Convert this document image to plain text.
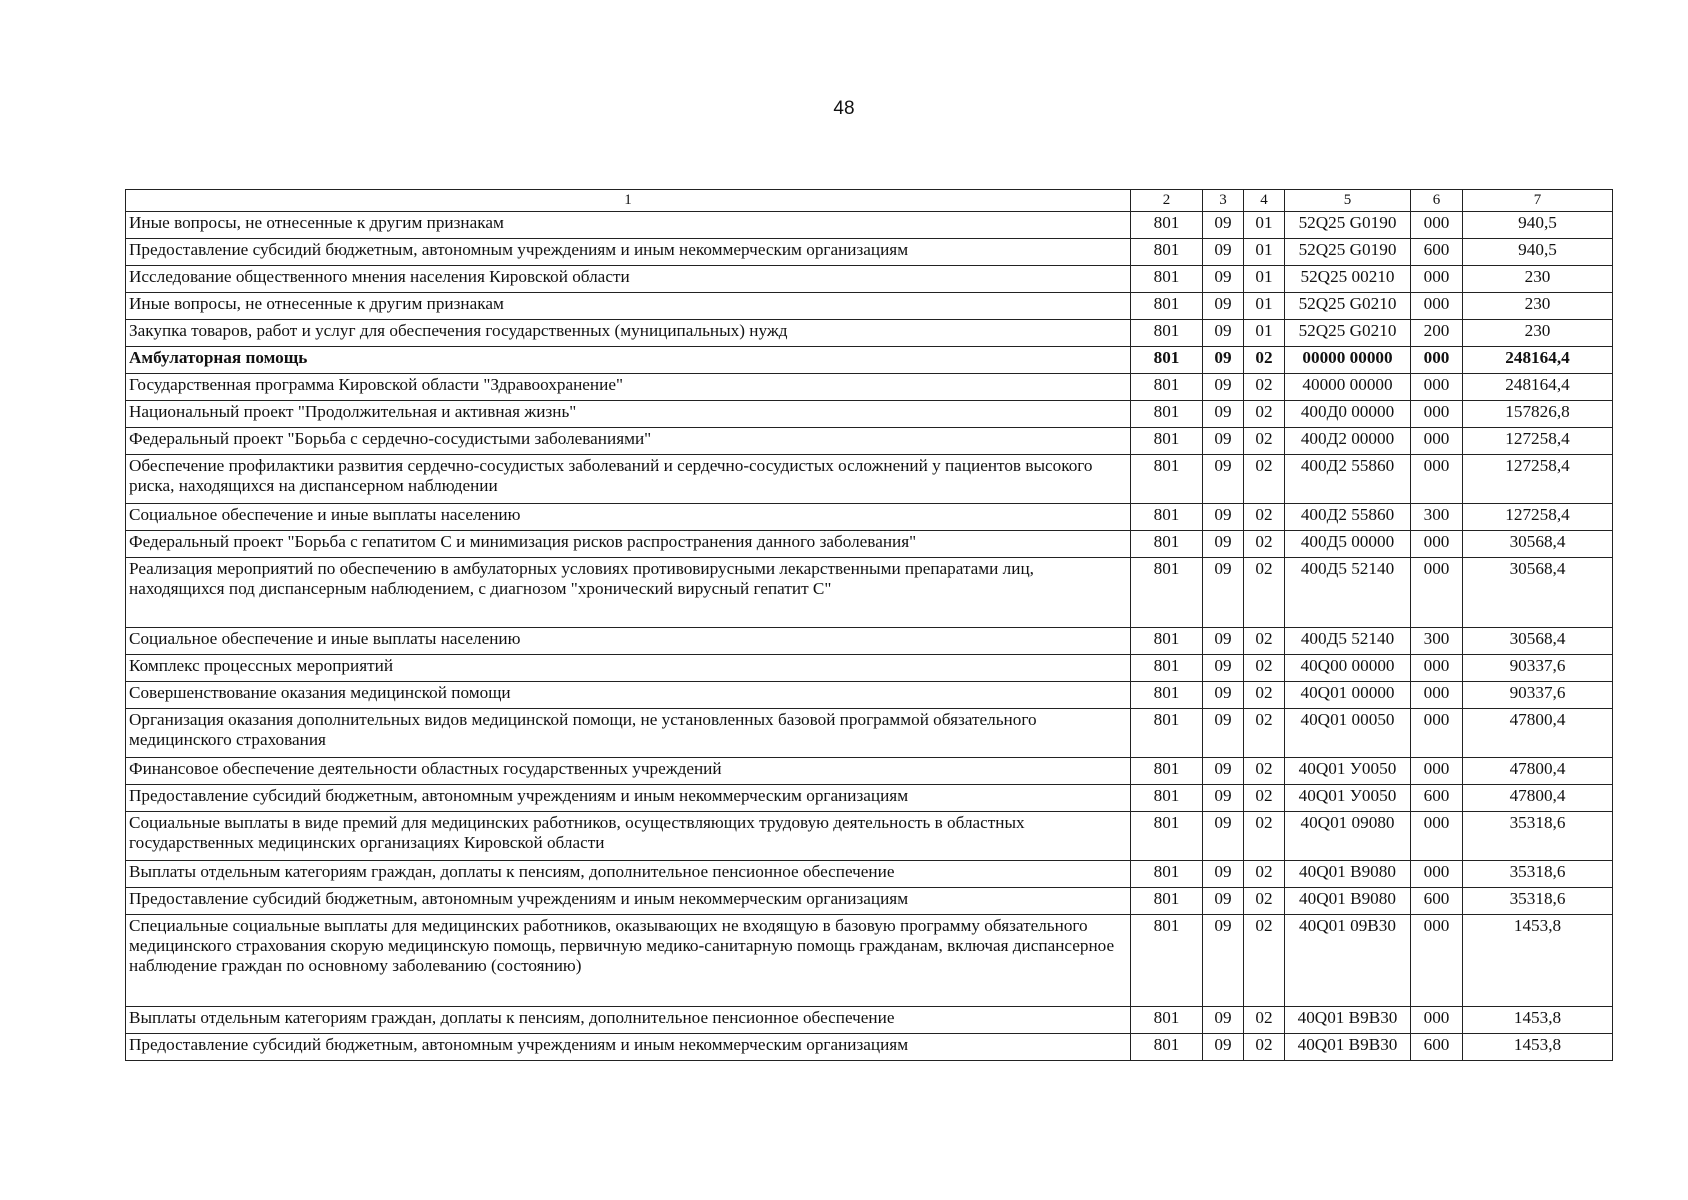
48
1	2	3	4	5	6	7
Иные вопросы, не отнесенные к другим признакам	801	09	01	52Q25 G0190	000	940,5
Предоставление субсидий бюджетным, автономным учреждениям и иным некоммерческим организациям	801	09	01	52Q25 G0190	600	940,5
Исследование общественного мнения населения Кировской области	801	09	01	52Q25 00210	000	230
Иные вопросы, не отнесенные к другим признакам	801	09	01	52Q25 G0210	000	230
Закупка товаров, работ и услуг для обеспечения государственных (муниципальных) нужд	801	09	01	52Q25 G0210	200	230
Амбулаторная помощь	801	09	02	00000 00000	000	248164,4
Государственная программа Кировской области "Здравоохранение"	801	09	02	40000 00000	000	248164,4
Национальный проект "Продолжительная и активная жизнь"	801	09	02	400Д0 00000	000	157826,8
Федеральный проект "Борьба с сердечно-сосудистыми заболеваниями"	801	09	02	400Д2 00000	000	127258,4
Обеспечение профилактики развития сердечно-сосудистых заболеваний и сердечно-сосудистых осложнений у пациентов высокого риска, находящихся на диспансерном наблюдении	801	09	02	400Д2 55860	000	127258,4
Социальное обеспечение и иные выплаты населению	801	09	02	400Д2 55860	300	127258,4
Федеральный проект "Борьба с гепатитом С и минимизация рисков распространения данного заболевания"	801	09	02	400Д5 00000	000	30568,4
Реализация мероприятий по обеспечению в амбулаторных условиях противовирусными лекарственными препаратами лиц, находящихся под диспансерным наблюдением, с диагнозом "хронический вирусный гепатит С"	801	09	02	400Д5 52140	000	30568,4
Социальное обеспечение и иные выплаты населению	801	09	02	400Д5 52140	300	30568,4
Комплекс процессных мероприятий	801	09	02	40Q00 00000	000	90337,6
Совершенствование оказания медицинской помощи	801	09	02	40Q01 00000	000	90337,6
Организация оказания дополнительных видов медицинской помощи, не установленных базовой программой обязательного медицинского страхования	801	09	02	40Q01 00050	000	47800,4
Финансовое обеспечение деятельности областных государственных учреждений	801	09	02	40Q01 У0050	000	47800,4
Предоставление субсидий бюджетным, автономным учреждениям и иным некоммерческим организациям	801	09	02	40Q01 У0050	600	47800,4
Социальные выплаты в виде премий для медицинских работников, осуществляющих трудовую деятельность в областных государственных медицинских организациях Кировской области	801	09	02	40Q01 09080	000	35318,6
Выплаты отдельным категориям граждан, доплаты к пенсиям, дополнительное пенсионное обеспечение	801	09	02	40Q01 B9080	000	35318,6
Предоставление субсидий бюджетным, автономным учреждениям и иным некоммерческим организациям	801	09	02	40Q01 B9080	600	35318,6
Специальные социальные выплаты для медицинских работников, оказывающих не входящую в базовую программу обязательного медицинского страхования скорую медицинскую помощь, первичную медико-санитарную помощь гражданам, включая диспансерное наблюдение граждан по основному заболеванию (состоянию)	801	09	02	40Q01 09B30	000	1453,8
Выплаты отдельным категориям граждан, доплаты к пенсиям, дополнительное пенсионное обеспечение	801	09	02	40Q01 B9B30	000	1453,8
Предоставление субсидий бюджетным, автономным учреждениям и иным некоммерческим организациям	801	09	02	40Q01 B9B30	600	1453,8
